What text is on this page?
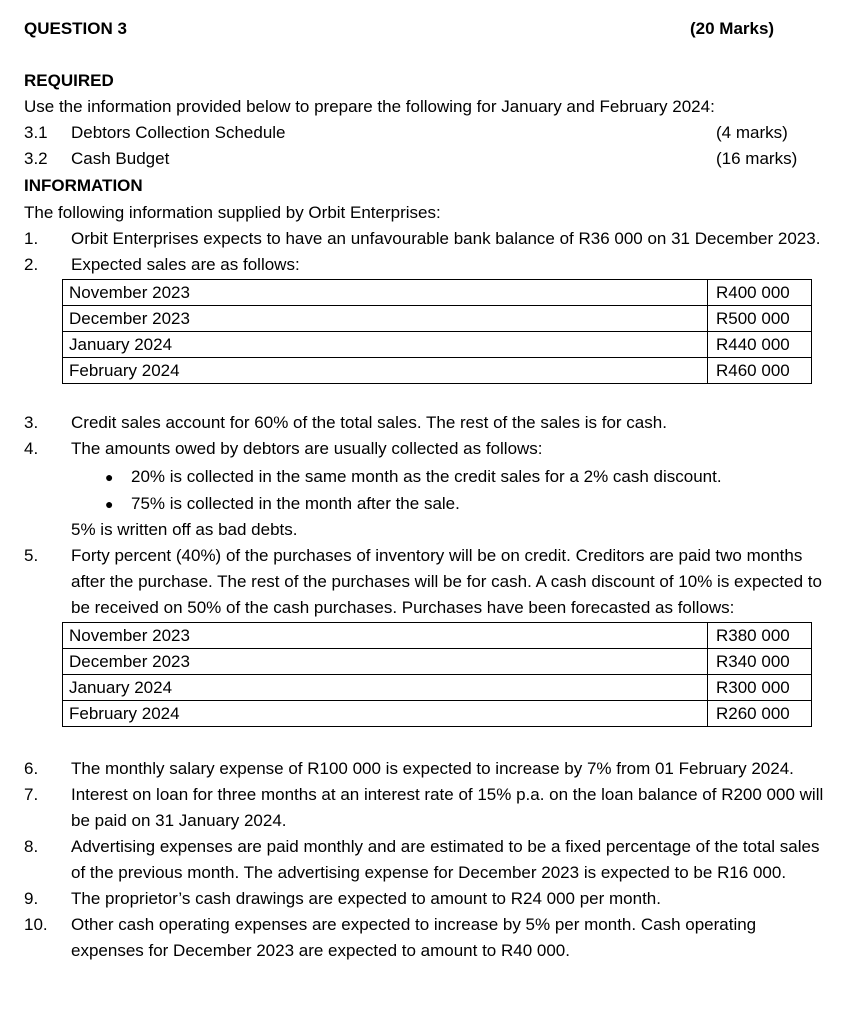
QUESTION 3	(20 Marks)
REQUIRED
Use the information provided below to prepare the following for January and February 2024:
3.1 Debtors Collection Schedule	(4 marks)
3.2 Cash Budget	(16 marks)
INFORMATION
The following information supplied by Orbit Enterprises:
1. Orbit Enterprises expects to have an unfavourable bank balance of R36 000 on 31 December 2023.
2. Expected sales are as follows:
November 2023	R400 000
December 2023	R500 000
January 2024	R440 000
February 2024	R460 000
3. Credit sales account for 60% of the total sales. The rest of the sales is for cash.
4. The amounts owed by debtors are usually collected as follows:
● 20% is collected in the same month as the credit sales for a 2% cash discount.
● 75% is collected in the month after the sale.
5% is written off as bad debts.
5. Forty percent (40%) of the purchases of inventory will be on credit. Creditors are paid two months
after the purchase. The rest of the purchases will be for cash. A cash discount of 10% is expected to
be received on 50% of the cash purchases. Purchases have been forecasted as follows:
November 2023	R380 000
December 2023	R340 000
January 2024	R300 000
February 2024	R260 000
6. The monthly salary expense of R100 000 is expected to increase by 7% from 01 February 2024.
7. Interest on loan for three months at an interest rate of 15% p.a. on the loan balance of R200 000 will
be paid on 31 January 2024.
8. Advertising expenses are paid monthly and are estimated to be a fixed percentage of the total sales
of the previous month. The advertising expense for December 2023 is expected to be R16 000.
9. The proprietor’s cash drawings are expected to amount to R24 000 per month.
10. Other cash operating expenses are expected to increase by 5% per month. Cash operating
expenses for December 2023 are expected to amount to R40 000.
